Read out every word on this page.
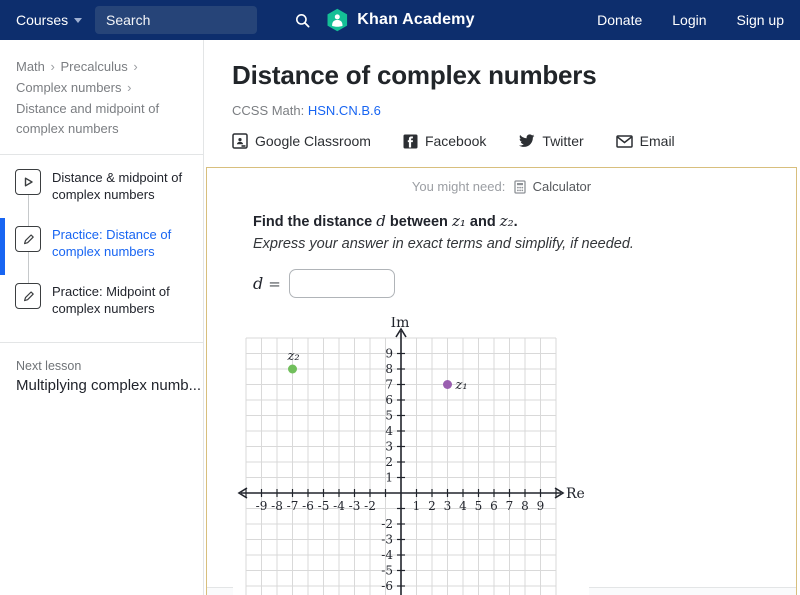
Courses
Search	Khan Academy	Donate Login Sign up
Math › Precalculus › Complex numbers › Distance and midpoint of complex numbers
Distance & midpoint of complex numbers
Practice: Distance of complex numbers
Practice: Midpoint of complex numbers
Next lesson
Multiplying complex numb...
Distance of complex numbers
CCSS Math: HSN.CN.B.6
Google Classroom	Facebook	Twitter	Email
You might need: Calculator
Find the distance d between z₁ and z₂.
Express your answer in exact terms and simplify, if needed.
d =
-9 -8 -7 -6 -5 -4 -3 -2	1 2 3 4 5 6 7 8 9
9
8
7
6
5
4
3
2
1
-2
-3
-4
-5
-6
Im
Re
z₁
z₂
